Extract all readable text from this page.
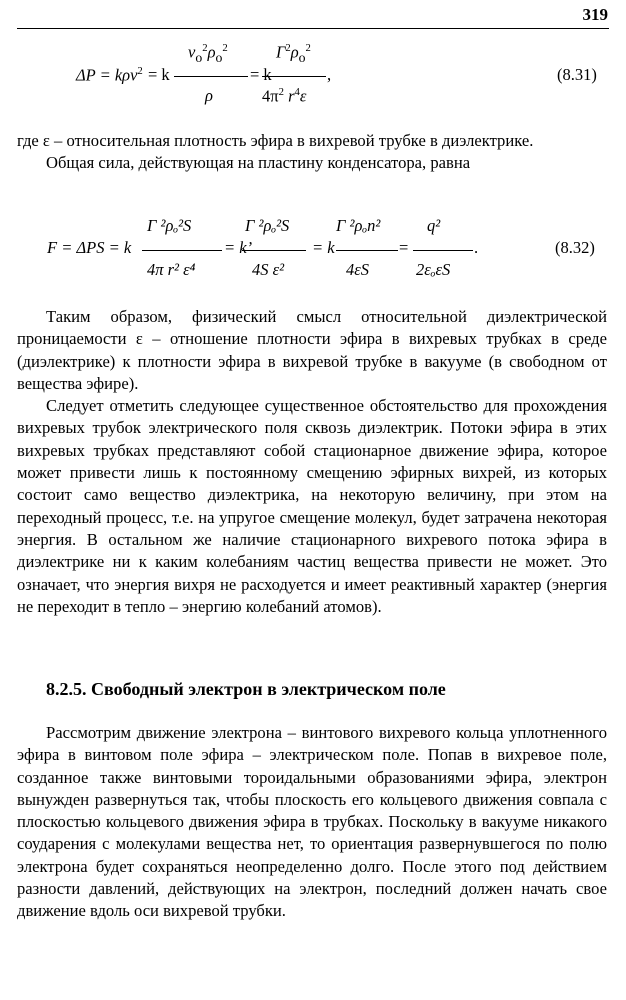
319
ΔP = kρv$^2$ = k
$v_o^2\rho_o^2$
ρ
= k
$\Gamma^2\rho_o^2$
$4\pi^2$ $r^4\varepsilon$
,	(8.31)

где ε – относительная плотность эфира в вихревой трубке в диэлектрике.

Общая сила, действующая на пластину конденсатора, равна

F = ΔPS = k
Γ ²ρₒ²S
4π r² ε⁴
= k’
Γ ²ρₒ²S
4S ε²
= k
Γ ²ρₒn²
4εS
=
q²
2εₒεS
.	(8.32)

Таким образом, физический смысл относительной диэлектрической проницаемости ε – отношение плотности эфира в вихревых трубках в среде (диэлектрике) к плотности эфира в вихревой трубке в вакууме (в свободном от вещества эфире).

Следует отметить следующее существенное обстоятельство для прохождения вихревых трубок электрического поля сквозь диэлектрик. Потоки эфира в этих вихревых трубках представляют собой стационарное движение эфира, которое может привести лишь к постоянному смещению эфирных вихрей, из которых состоит само вещество диэлектрика, на некоторую величину, при этом на переходный процесс, т.е. на упругое смещение молекул, будет затрачена некоторая энергия. В остальном же наличие стационарного вихревого потока эфира в диэлектрике ни к каким колебаниям частиц вещества привести не может. Это означает, что энергия вихря не расходуется и имеет реактивный характер (энергия не переходит в тепло – энергию колебаний атомов).

8.2.5. Свободный электрон в электрическом поле

Рассмотрим движение электрона – винтового вихревого кольца уплотненного эфира в винтовом поле эфира – электрическом поле. Попав в вихревое поле, созданное также винтовыми тороидальными образованиями эфира, электрон вынужден развернуться так, чтобы плоскость его кольцевого движения совпала с плоскостью кольцевого движения эфира в трубках. Поскольку в вакууме никакого соударения с молекулами вещества нет, то ориентация развернувшегося по полю электрона будет сохраняться неопределенно долго. После этого под действием разности давлений, действующих на электрон, последний должен начать свое движение вдоль оси вихревой трубки.
